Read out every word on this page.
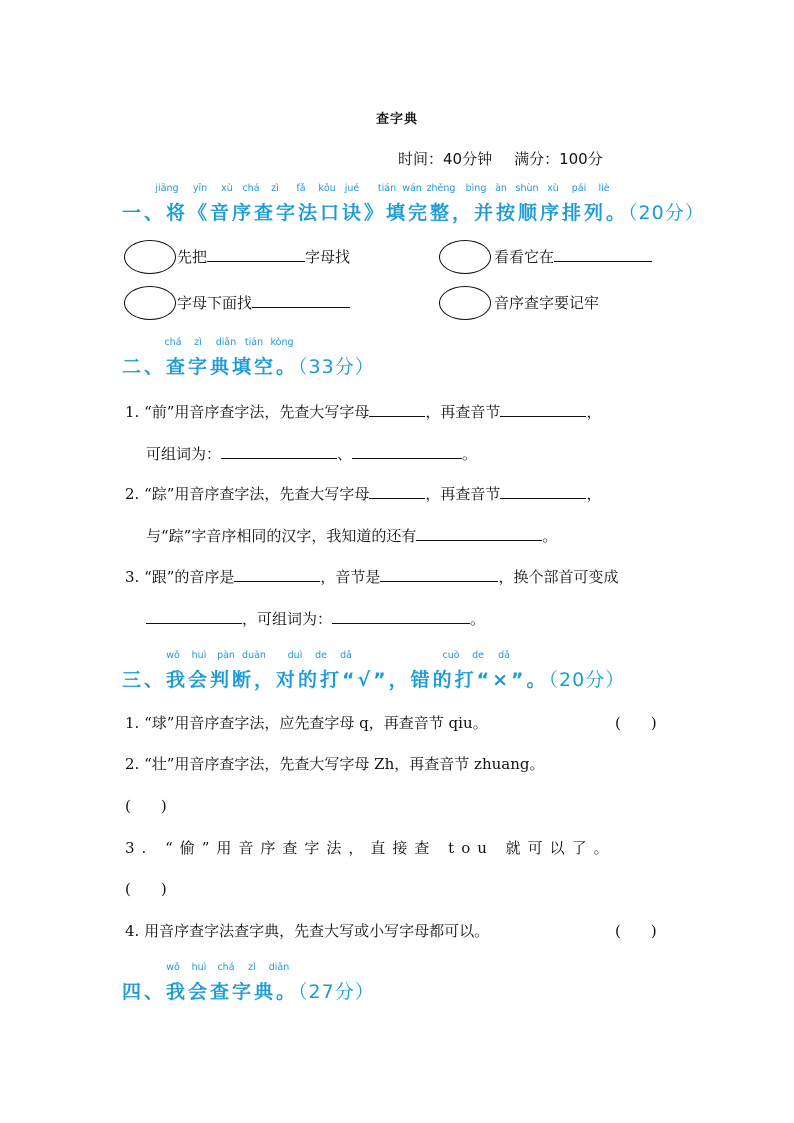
查字典
时间：40分钟 满分：100分
jiāng yīn xù chá zì fǎ kǒu jué tián wán zhěng bìng àn shùn xù pái liè
一、将《音序查字法口诀》填完整，并按顺序排列。（20分）
先把	字母找	看看它在
字母下面找	音序查字要记牢
chá zì diǎn tián kòng
二、查字典填空。（33分）
1. “前”用音序查字法，先查大写字母	，再查音节	，
可组词为：	、	。
2. “踪”用音序查字法，先查大写字母	，再查音节	，
与“踪”字音序相同的汉字，我知道的还有	。
3. “跟”的音序是	，音节是	，换个部首可变成
，可组词为：	。
wǒ huì pàn duàn duì de dǎ	cuò de dǎ
三、我会判断，对的打“√”，错的打“×”。（20分）
1. “球”用音序查字法，应先查字母 q，再查音节 qiu。	(　　)
2. “壮”用音序查字法，先查大写字母 Zh，再查音节 zhuang。
(　　)
3. “偷”用音序查字法，直接查 tou 就可以了。
(　　)
4. 用音序查字法查字典，先查大写或小写字母都可以。	(　　)
wǒ huì chá zì diǎn
四、我会查字典。（27分）
